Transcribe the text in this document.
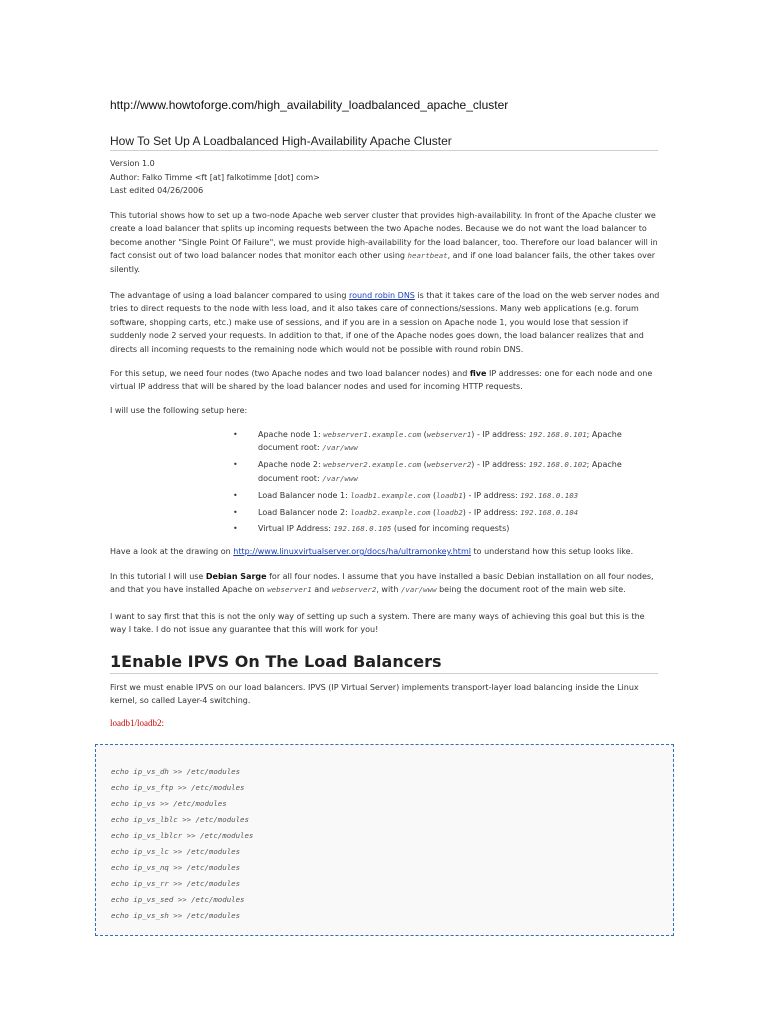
http://www.howtoforge.com/high_availability_loadbalanced_apache_cluster
How To Set Up A Loadbalanced High-Availability Apache Cluster
Version 1.0
Author: Falko Timme <ft [at] falkotimme [dot] com>
Last edited 04/26/2006
This tutorial shows how to set up a two-node Apache web server cluster that provides high-availability. In front of the Apache cluster we create a load balancer that splits up incoming requests between the two Apache nodes. Because we do not want the load balancer to become another "Single Point Of Failure", we must provide high-availability for the load balancer, too. Therefore our load balancer will in fact consist out of two load balancer nodes that monitor each other using heartbeat, and if one load balancer fails, the other takes over silently.
The advantage of using a load balancer compared to using round robin DNS is that it takes care of the load on the web server nodes and tries to direct requests to the node with less load, and it also takes care of connections/sessions. Many web applications (e.g. forum software, shopping carts, etc.) make use of sessions, and if you are in a session on Apache node 1, you would lose that session if suddenly node 2 served your requests. In addition to that, if one of the Apache nodes goes down, the load balancer realizes that and directs all incoming requests to the remaining node which would not be possible with round robin DNS.
For this setup, we need four nodes (two Apache nodes and two load balancer nodes) and five IP addresses: one for each node and one virtual IP address that will be shared by the load balancer nodes and used for incoming HTTP requests.
I will use the following setup here:
•	Apache node 1: webserver1.example.com (webserver1) - IP address: 192.168.0.101; Apache document root: /var/www
•	Apache node 2: webserver2.example.com (webserver2) - IP address: 192.168.0.102; Apache document root: /var/www
•	Load Balancer node 1: loadb1.example.com (loadb1) - IP address: 192.168.0.103
•	Load Balancer node 2: loadb2.example.com (loadb2) - IP address: 192.168.0.104
•	Virtual IP Address: 192.168.0.105 (used for incoming requests)
Have a look at the drawing on http://www.linuxvirtualserver.org/docs/ha/ultramonkey.html to understand how this setup looks like.
In this tutorial I will use Debian Sarge for all four nodes. I assume that you have installed a basic Debian installation on all four nodes, and that you have installed Apache on webserver1 and webserver2, with /var/www being the document root of the main web site.
I want to say first that this is not the only way of setting up such a system. There are many ways of achieving this goal but this is the way I take. I do not issue any guarantee that this will work for you!
1Enable IPVS On The Load Balancers
First we must enable IPVS on our load balancers. IPVS (IP Virtual Server) implements transport-layer load balancing inside the Linux kernel, so called Layer-4 switching.
loadb1/loadb2:
echo ip_vs_dh >> /etc/modules
echo ip_vs_ftp >> /etc/modules
echo ip_vs >> /etc/modules
echo ip_vs_lblc >> /etc/modules
echo ip_vs_lblcr >> /etc/modules
echo ip_vs_lc >> /etc/modules
echo ip_vs_nq >> /etc/modules
echo ip_vs_rr >> /etc/modules
echo ip_vs_sed >> /etc/modules
echo ip_vs_sh >> /etc/modules
